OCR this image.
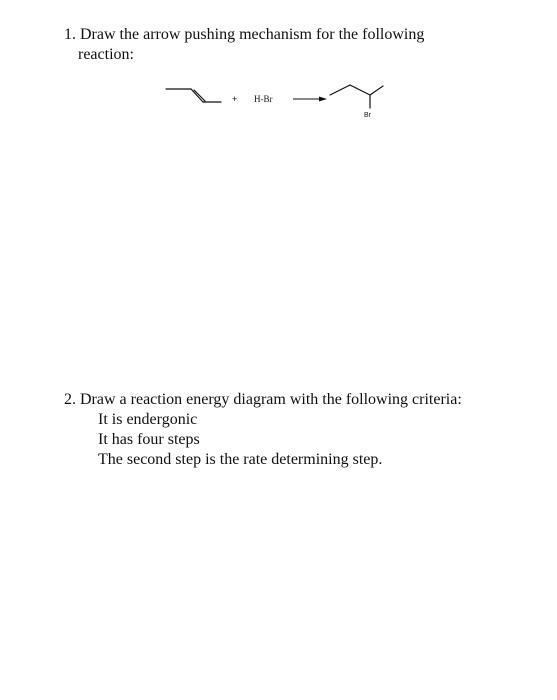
1. Draw the arrow pushing mechanism for the following
reaction:
+ H-Br
Br
2. Draw a reaction energy diagram with the following criteria:
It is endergonic
It has four steps
The second step is the rate determining step.
